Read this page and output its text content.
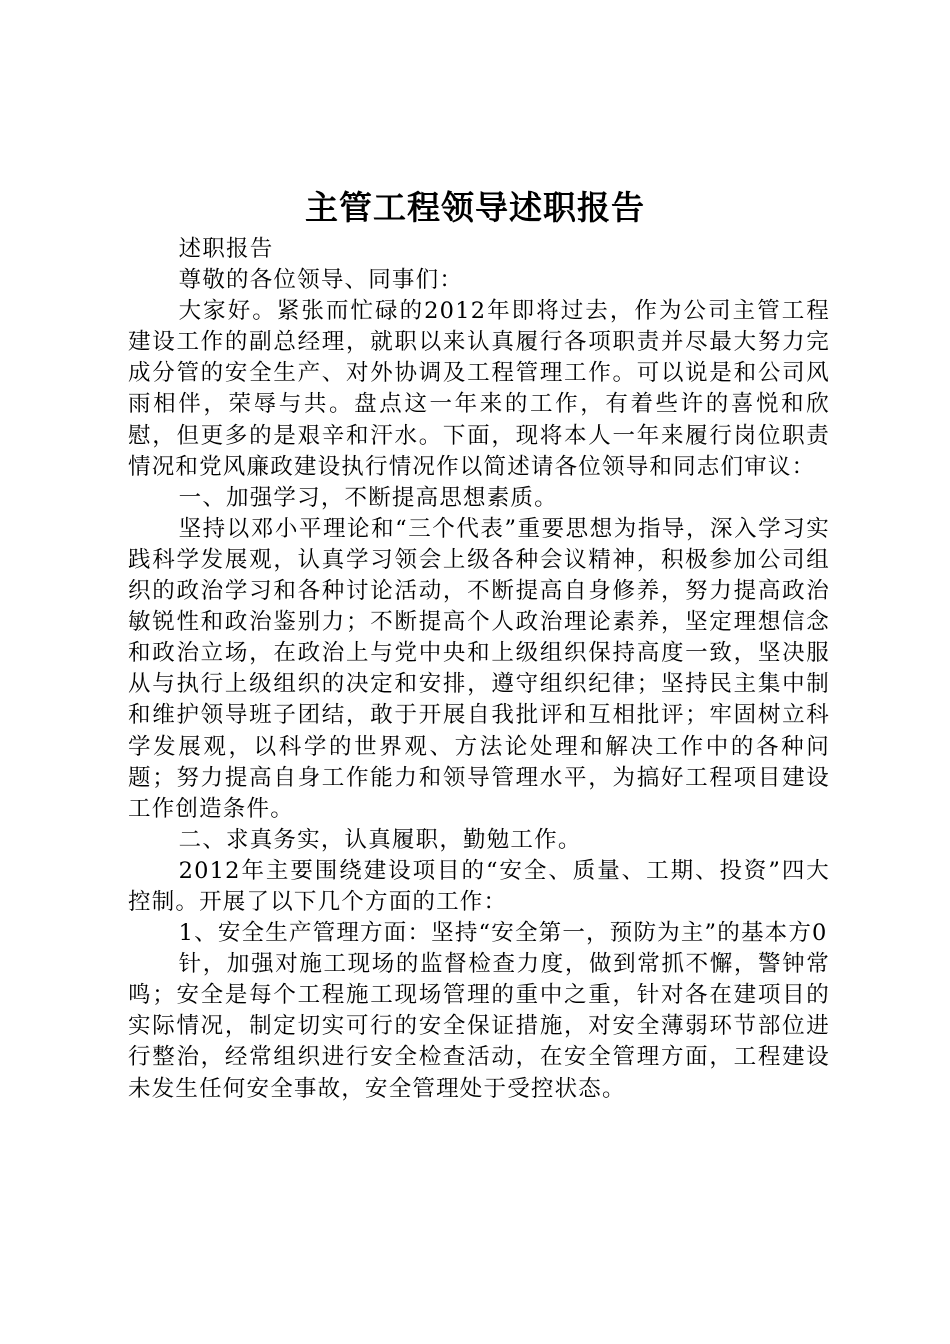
主管工程领导述职报告

述职报告

尊敬的各位领导、同事们：

大家好。紧张而忙碌的2012年即将过去，作为公司主管工程建设工作的副总经理，就职以来认真履行各项职责并尽最大努力完成分管的安全生产、对外协调及工程管理工作。可以说是和公司风雨相伴，荣辱与共。盘点这一年来的工作，有着些许的喜悦和欣慰，但更多的是艰辛和汗水。下面，现将本人一年来履行岗位职责情况和党风廉政建设执行情况作以简述请各位领导和同志们审议：

一、加强学习，不断提高思想素质。

坚持以邓小平理论和“三个代表”重要思想为指导，深入学习实践科学发展观，认真学习领会上级各种会议精神，积极参加公司组织的政治学习和各种讨论活动，不断提高自身修养，努力提高政治敏锐性和政治鉴别力；不断提高个人政治理论素养，坚定理想信念和政治立场，在政治上与党中央和上级组织保持高度一致，坚决服从与执行上级组织的决定和安排，遵守组织纪律；坚持民主集中制和维护领导班子团结，敢于开展自我批评和互相批评；牢固树立科学发展观，以科学的世界观、方法论处理和解决工作中的各种问题；努力提高自身工作能力和领导管理水平，为搞好工程项目建设工作创造条件。

二、求真务实，认真履职，勤勉工作。

2012年主要围绕建设项目的“安全、质量、工期、投资”四大控制。开展了以下几个方面的工作：

1、安全生产管理方面：坚持“安全第一，预防为主”的基本方0

针，加强对施工现场的监督检查力度，做到常抓不懈，警钟常鸣；安全是每个工程施工现场管理的重中之重，针对各在建项目的实际情况，制定切实可行的安全保证措施，对安全薄弱环节部位进行整治，经常组织进行安全检查活动，在安全管理方面，工程建设未发生任何安全事故，安全管理处于受控状态。
